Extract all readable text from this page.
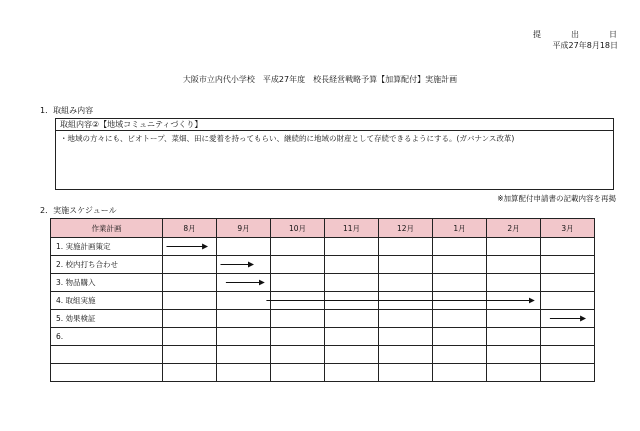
提	出	日
平成27年8月18日
大阪市立内代小学校　平成27年度　校長経営戦略予算【加算配付】実施計画
1．取組み内容
取組内容②【地域コミュニティづくり】
・地域の方々にも、ビオトープ、菜畑、田に愛着を持ってもらい、継続的に地域の財産として存続できるようにする。(ガバナンス改革)
※加算配付申請書の記載内容を再掲
2．実施スケジュール
作業計画	8月	9月	10月	11月	12月	1月	2月	3月
1. 実施計画策定								
2. 校内打ち合わせ								
3. 物品購入								
4. 取組実施								
5. 効果検証								
6.								
